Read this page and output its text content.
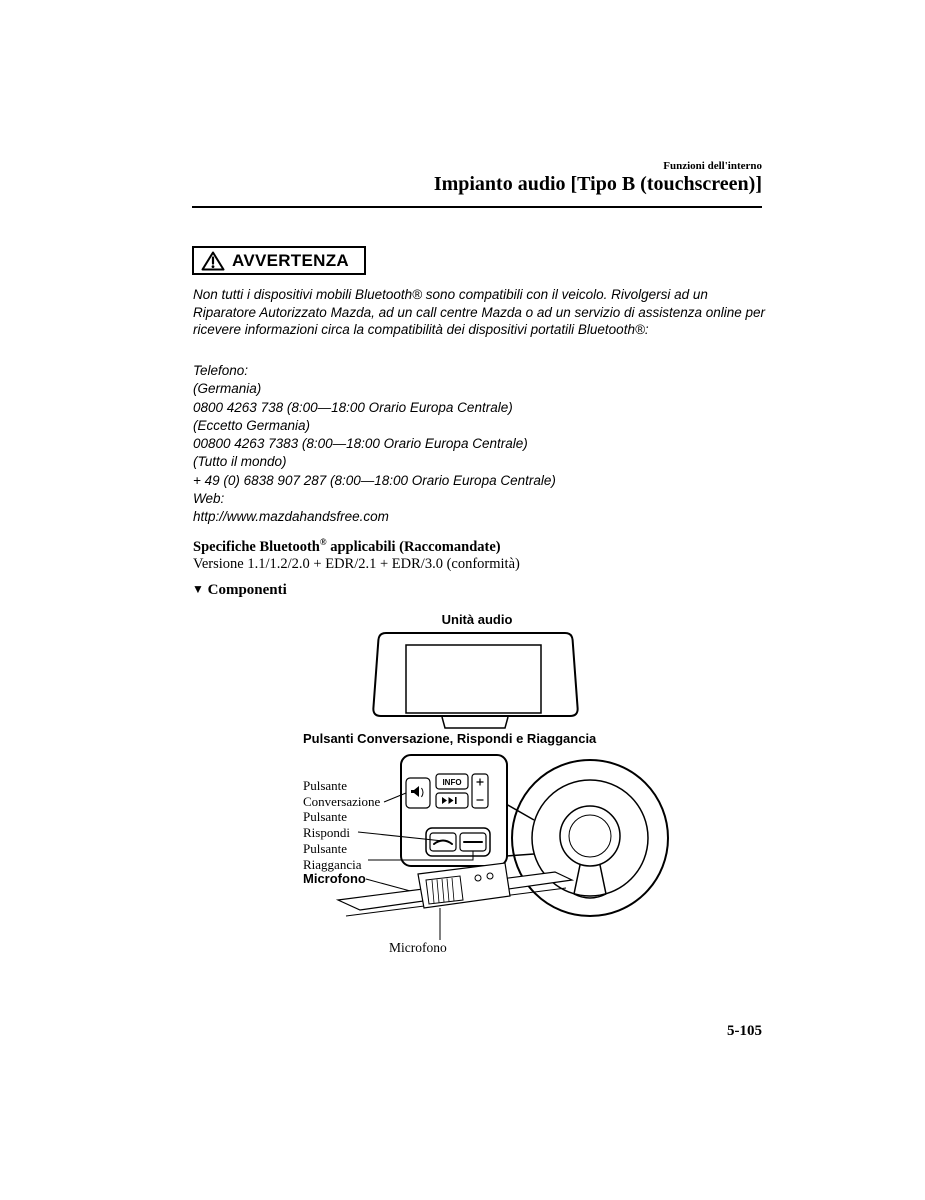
Funzioni dell'interno
Impianto audio [Tipo B (touchscreen)]
AVVERTENZA
Non tutti i dispositivi mobili Bluetooth® sono compatibili con il veicolo. Rivolgersi ad un Riparatore Autorizzato Mazda, ad un call centre Mazda o ad un servizio di assistenza online per ricevere informazioni circa la compatibilità dei dispositivi portatili Bluetooth®:
Telefono:
(Germania)
0800 4263 738 (8:00—18:00 Orario Europa Centrale)
(Eccetto Germania)
00800 4263 7383 (8:00—18:00 Orario Europa Centrale)
(Tutto il mondo)
+ 49 (0) 6838 907 287 (8:00—18:00 Orario Europa Centrale)
Web:
http://www.mazdahandsfree.com
Specifiche Bluetooth® applicabili (Raccomandate)
Versione 1.1/1.2/2.0 + EDR/2.1 + EDR/3.0 (conformità)
▼ Componenti
Unità audio
Pulsanti Conversazione, Rispondi e Riaggancia
INFO
Pulsante
Conversazione
Pulsante
Rispondi
Pulsante
Riaggancia
Microfono
Microfono
5-105
